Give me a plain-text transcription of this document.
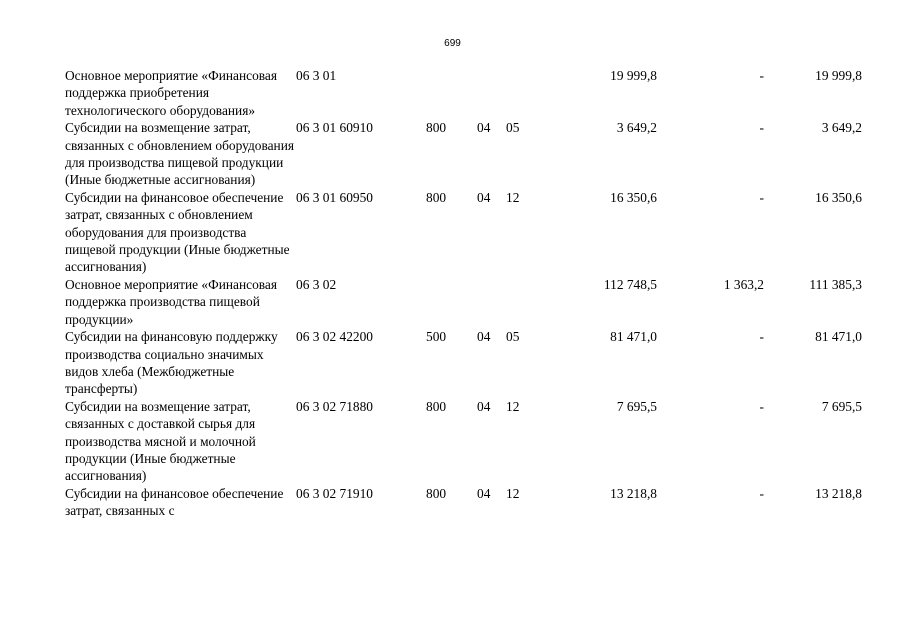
699
Основное мероприятие «Финансовая поддержка приобретения технологического оборудования»	06 3 01				19 999,8	-	19 999,8
Субсидии на возмещение затрат, связанных с обновлением оборудования для производства пищевой продукции (Иные бюджетные ассигнования)	06 3 01 60910	800	04	05	3 649,2	-	3 649,2
Субсидии на финансовое обеспечение затрат, связанных с обновлением оборудования для производства пищевой продукции (Иные бюджетные ассигнования)	06 3 01 60950	800	04	12	16 350,6	-	16 350,6
Основное мероприятие «Финансовая поддержка производства пищевой продукции»	06 3 02				112 748,5	1 363,2	111 385,3
Субсидии на финансовую поддержку производства социально значимых видов хлеба (Межбюджетные трансферты)	06 3 02 42200	500	04	05	81 471,0	-	81 471,0
Субсидии на возмещение затрат, связанных с доставкой сырья для производства мясной и молочной продукции (Иные бюджетные ассигнования)	06 3 02 71880	800	04	12	7 695,5	-	7 695,5
Субсидии на финансовое обеспечение затрат, связанных с	06 3 02 71910	800	04	12	13 218,8	-	13 218,8
